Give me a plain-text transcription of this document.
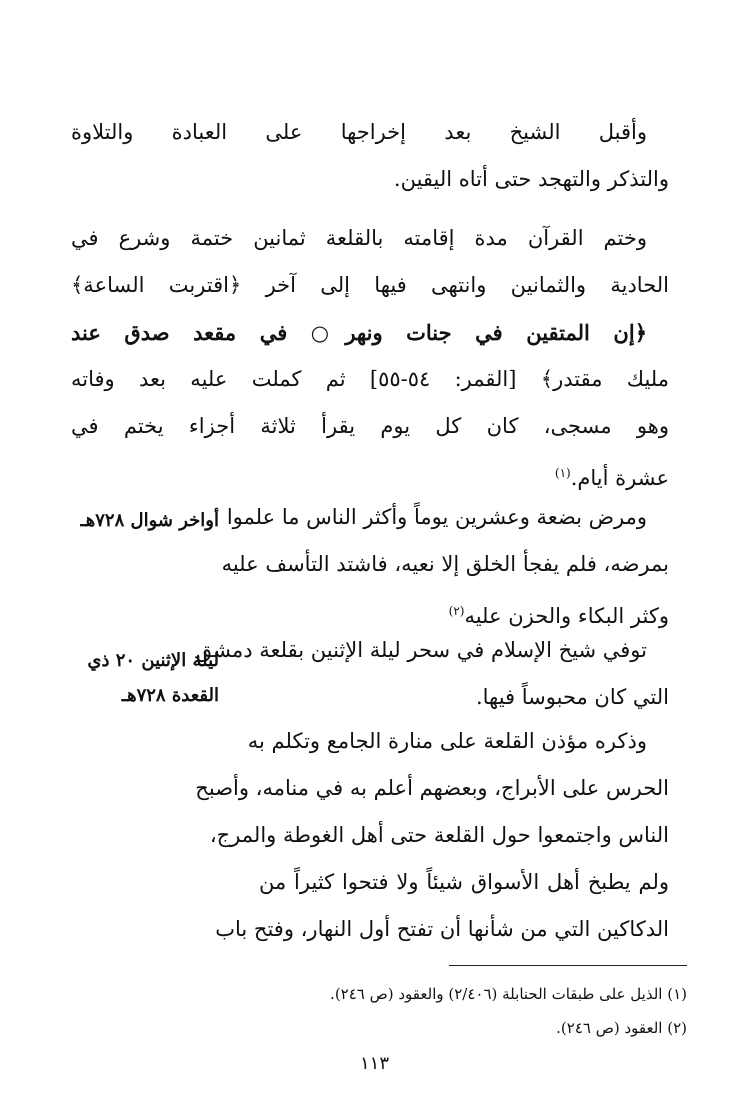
وأقبل الشيخ بعد إخراجها على العبادة والتلاوة
والتذكر والتهجد حتى أتاه اليقين.
وختم القرآن مدة إقامته بالقلعة ثمانين ختمة وشرع في
الحادية والثمانين وانتهى فيها إلى آخر ﴿اقتربت الساعة﴾
﴿إن المتقين في جنات ونهر○ في مقعد صدق عند
مليك مقتدر﴾ [القمر: ٥٤-٥٥] ثم كملت عليه بعد وفاته
وهو مسجى، كان كل يوم يقرأ ثلاثة أجزاء يختم في
عشرة أيام.$^{(١)}$
أواخر شوال ٧٢٨هـ ومرض بضعة وعشرين يوماً وأكثر الناس ما علموا
بمرضه، فلم يفجأ الخلق إلا نعيه، فاشتد التأسف عليه
وكثر البكاء والحزن عليه$^{(٢)}$
ليلة الإثنين ٢٠ ذي
القعدة ٧٢٨هـ
توفي شيخ الإسلام في سحر ليلة الإثنين بقلعة دمشق
التي كان محبوساً فيها.
وذكره مؤذن القلعة على منارة الجامع وتكلم به
الحرس على الأبراج، وبعضهم أعلم به في منامه، وأصبح
الناس واجتمعوا حول القلعة حتى أهل الغوطة والمرج،
ولم يطبخ أهل الأسواق شيئاً ولا فتحوا كثيراً من
الدكاكين التي من شأنها أن تفتح أول النهار، وفتح باب
(١) الذيل على طبقات الحنابلة (٢/٤٠٦) والعقود (ص ٢٤٦).
(٢) العقود (ص ٢٤٦).
١١٣
